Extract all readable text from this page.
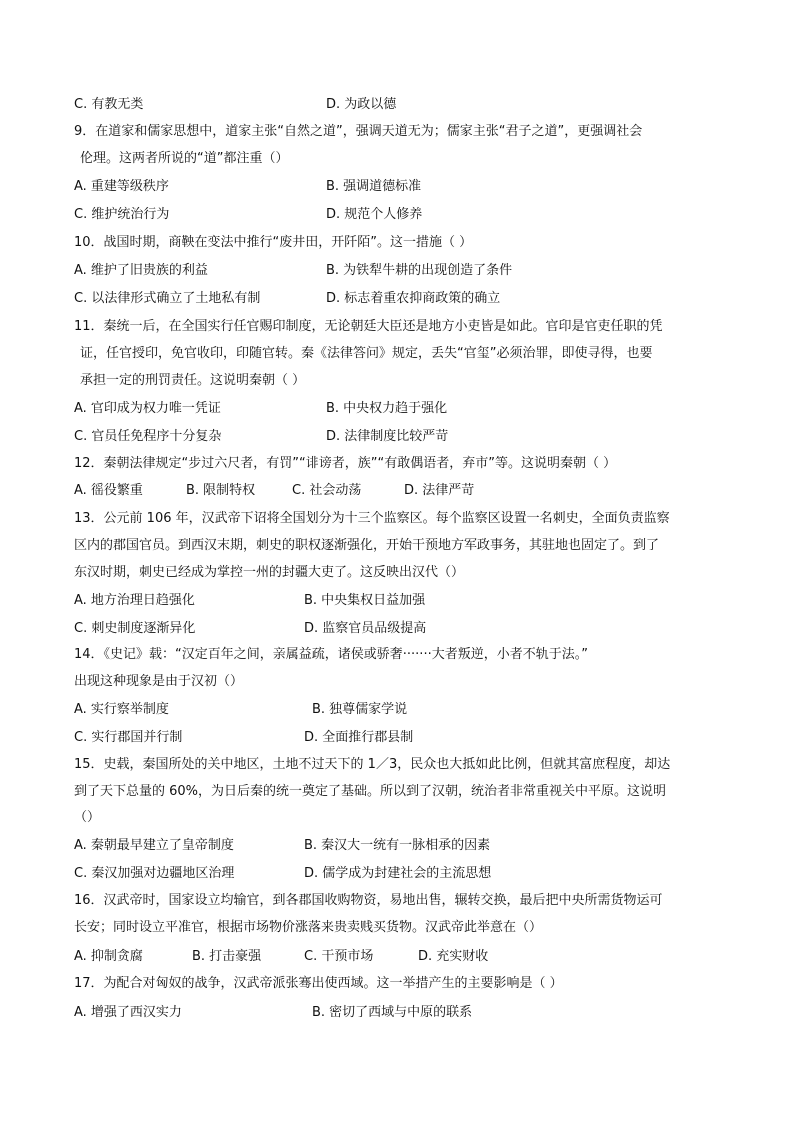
C. 有教无类	D. 为政以德
9．在道家和儒家思想中，道家主张“自然之道”，强调天道无为；儒家主张“君子之道”，更强调社会
伦理。这两者所说的“道”都注重（）
A. 重建等级秩序	B. 强调道德标准
C. 维护统治行为	D. 规范个人修养
10．战国时期，商鞅在变法中推行“废井田，开阡陌”。这一措施（ ）
A. 维护了旧贵族的利益	B. 为铁犁牛耕的出现创造了条件
C. 以法律形式确立了土地私有制	D. 标志着重农抑商政策的确立
11．秦统一后，在全国实行任官赐印制度，无论朝廷大臣还是地方小吏皆是如此。官印是官吏任职的凭
证，任官授印，免官收印，印随官转。秦《法律答问》规定，丢失“官玺”必须治罪，即使寻得，也要
承担一定的刑罚责任。这说明秦朝（ ）
A. 官印成为权力唯一凭证	B. 中央权力趋于强化
C. 官员任免程序十分复杂	D. 法律制度比较严苛
12．秦朝法律规定“步过六尺者，有罚”“诽谤者，族”“有敢偶语者，弃市”等。这说明秦朝（ ）
A. 徭役繁重	B. 限制特权	C. 社会动荡	D. 法律严苛
13．公元前 106 年，汉武帝下诏将全国划分为十三个监察区。每个监察区设置一名刺史，全面负责监察
区内的郡国官员。到西汉末期，刺史的职权逐渐强化，开始干预地方军政事务，其驻地也固定了。到了
东汉时期，刺史已经成为掌控一州的封疆大吏了。这反映出汉代（）
A. 地方治理日趋强化	B. 中央集权日益加强
C. 刺史制度逐渐异化	D. 监察官员品级提高
14．《史记》载：“汉定百年之间，亲属益疏，诸侯或骄奢·······大者叛逆，小者不轨于法。”
出现这种现象是由于汉初（）
A. 实行察举制度	B. 独尊儒家学说
C. 实行郡国并行制	D. 全面推行郡县制
15．史载，秦国所处的关中地区，土地不过天下的 1／3，民众也大抵如此比例，但就其富庶程度，却达
到了天下总量的 60%，为日后秦的统一奠定了基础。所以到了汉朝，统治者非常重视关中平原。这说明
（）
A. 秦朝最早建立了皇帝制度	B. 秦汉大一统有一脉相承的因素
C. 秦汉加强对边疆地区治理	D. 儒学成为封建社会的主流思想
16．汉武帝时，国家设立均输官，到各郡国收购物资，易地出售，辗转交换，最后把中央所需货物运可
长安；同时设立平准官，根据市场物价涨落来贵卖贱买货物。汉武帝此举意在（）
A. 抑制贪腐	B. 打击豪强	C. 干预市场	D. 充实财收
17．为配合对匈奴的战争，汉武帝派张骞出使西域。这一举措产生的主要影响是（ ）
A. 增强了西汉实力	B. 密切了西域与中原的联系
